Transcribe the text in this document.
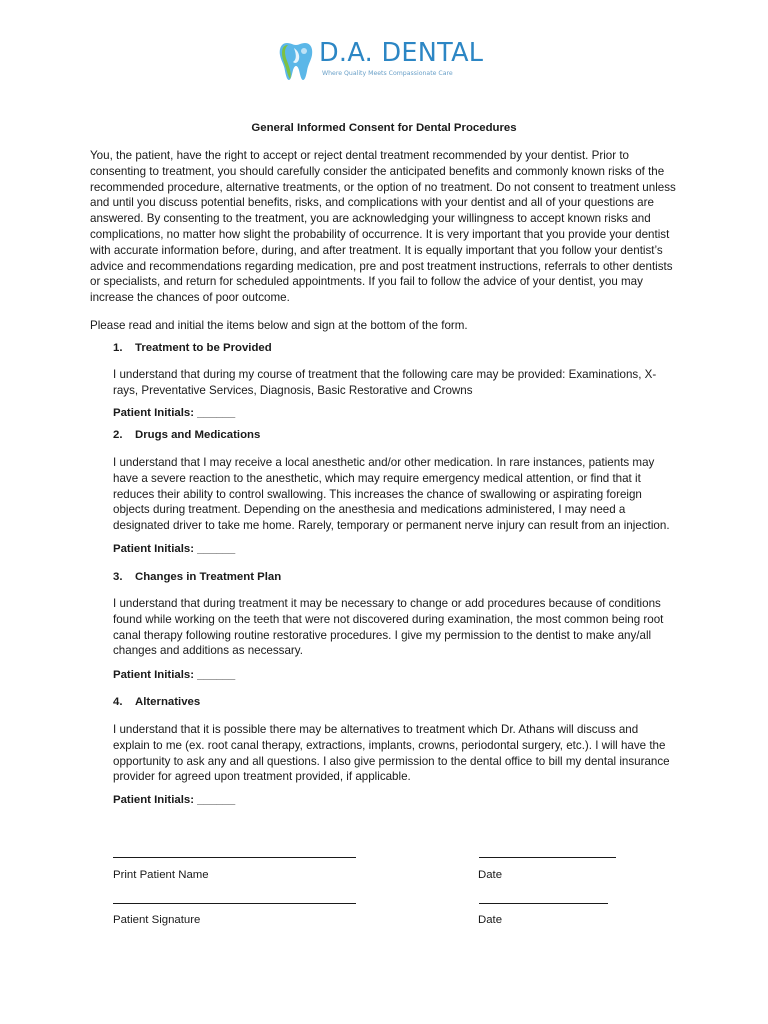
D.A. DENTAL
Where Quality Meets Compassionate Care
General Informed Consent for Dental Procedures

You, the patient, have the right to accept or reject dental treatment recommended by your dentist. Prior to consenting to treatment, you should carefully consider the anticipated benefits and commonly known risks of the recommended procedure, alternative treatments, or the option of no treatment. Do not consent to treatment unless and until you discuss potential benefits, risks, and complications with your dentist and all of your questions are answered. By consenting to the treatment, you are acknowledging your willingness to accept known risks and complications, no matter how slight the probability of occurrence. It is very important that you provide your dentist with accurate information before, during, and after treatment. It is equally important that you follow your dentist’s advice and recommendations regarding medication, pre and post treatment instructions, referrals to other dentists or specialists, and return for scheduled appointments. If you fail to follow the advice of your dentist, you may increase the chances of poor outcome.

Please read and initial the items below and sign at the bottom of the form.

1. Treatment to be Provided

I understand that during my course of treatment that the following care may be provided: Examinations, X-rays, Preventative Services, Diagnosis, Basic Restorative and Crowns

Patient Initials: ______
2. Drugs and Medications

I understand that I may receive a local anesthetic and/or other medication. In rare instances, patients may have a severe reaction to the anesthetic, which may require emergency medical attention, or find that it reduces their ability to control swallowing. This increases the chance of swallowing or aspirating foreign objects during treatment. Depending on the anesthesia and medications administered, I may need a designated driver to take me home. Rarely, temporary or permanent nerve injury can result from an injection.

Patient Initials: ______
3. Changes in Treatment Plan

I understand that during treatment it may be necessary to change or add procedures because of conditions found while working on the teeth that were not discovered during examination, the most common being root canal therapy following routine restorative procedures. I give my permission to the dentist to make any/all changes and additions as necessary.

Patient Initials: ______
4. Alternatives

I understand that it is possible there may be alternatives to treatment which Dr. Athans will discuss and explain to me (ex. root canal therapy, extractions, implants, crowns, periodontal surgery, etc.). I will have the opportunity to ask any and all questions. I also give permission to the dental office to bill my dental insurance provider for agreed upon treatment provided, if applicable.

Patient Initials: ______
Print Patient Name	Date
Patient Signature	Date
